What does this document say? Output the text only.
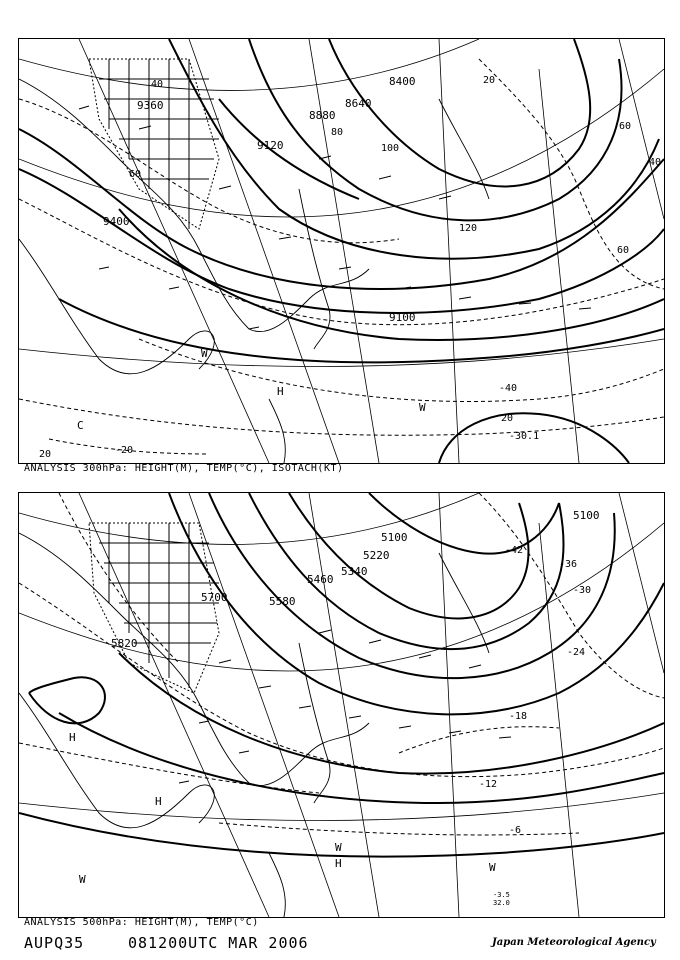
9400
9360
9120
8880
8640
8400
9100
40
60
80
100
120
20
60
40
20
20
60
W
H
W
C
-40
-30.1
-20
ANALYSIS 300hPa: HEIGHT(M), TEMP(°C), ISOTACH(KT)
5820
5700	5580
5460
5340
5220
5100
5100
-42
-36
-30
-24
-18
-12
-6
H
H
W
W
W
H
-3.5
32.0
ANALYSIS 500hPa: HEIGHT(M), TEMP(°C)
AUPQ35	081200UTC MAR 2006	Japan Meteorological Agency
